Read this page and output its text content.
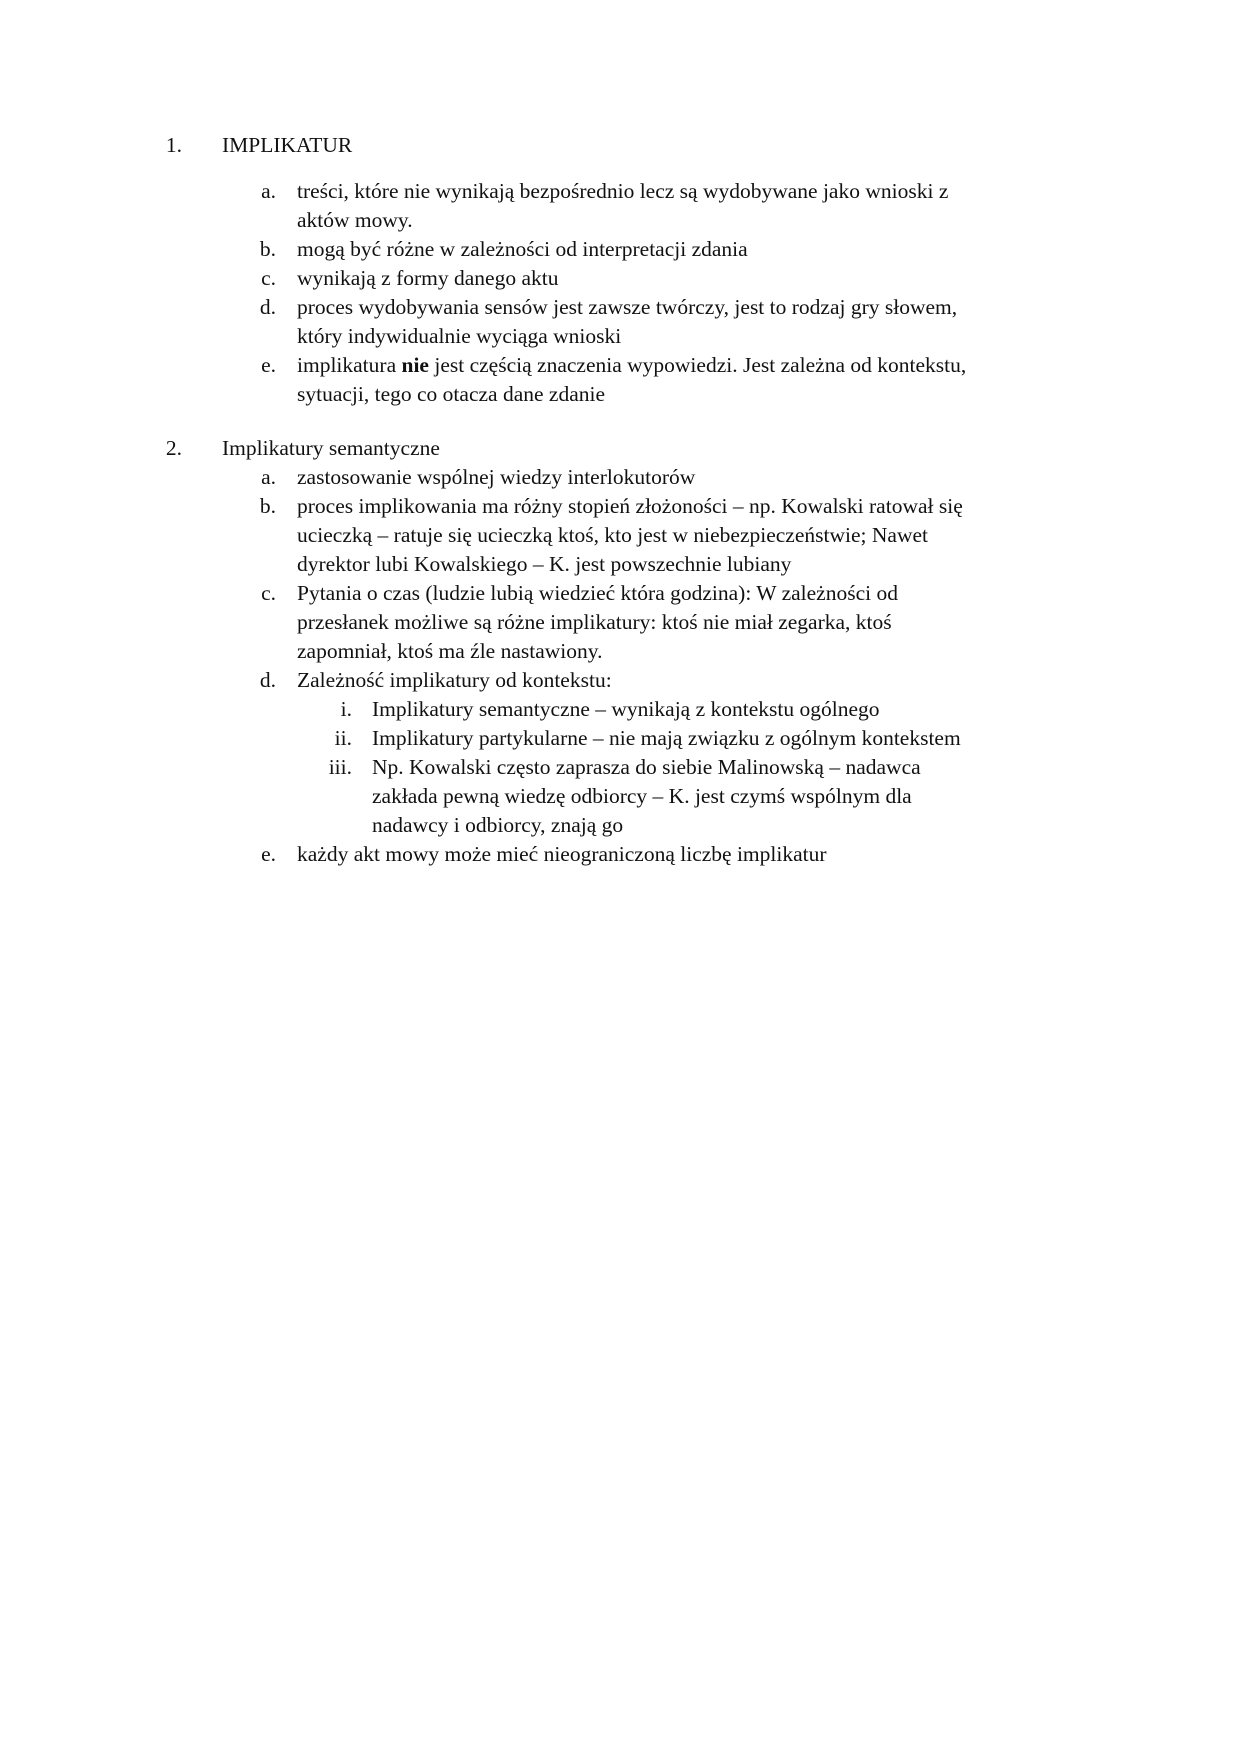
1. IMPLIKATUR
a. treści, które nie wynikają bezpośrednio lecz są wydobywane jako wnioski z
aktów mowy.
b. mogą być różne w zależności od interpretacji zdania
c. wynikają z formy danego aktu
d. proces wydobywania sensów jest zawsze twórczy, jest to rodzaj gry słowem,
który indywidualnie wyciąga wnioski
e. implikatura nie jest częścią znaczenia wypowiedzi. Jest zależna od kontekstu,
sytuacji, tego co otacza dane zdanie
2. Implikatury semantyczne
a. zastosowanie wspólnej wiedzy interlokutorów
b. proces implikowania ma różny stopień złożoności – np. Kowalski ratował się
ucieczką – ratuje się ucieczką ktoś, kto jest w niebezpieczeństwie; Nawet
dyrektor lubi Kowalskiego – K. jest powszechnie lubiany
c. Pytania o czas (ludzie lubią wiedzieć która godzina): W zależności od
przesłanek możliwe są różne implikatury: ktoś nie miał zegarka, ktoś
zapomniał, ktoś ma źle nastawiony.
d. Zależność implikatury od kontekstu:
i. Implikatury semantyczne – wynikają z kontekstu ogólnego
ii. Implikatury partykularne – nie mają związku z ogólnym kontekstem
iii. Np. Kowalski często zaprasza do siebie Malinowską – nadawca
zakłada pewną wiedzę odbiorcy – K. jest czymś wspólnym dla
nadawcy i odbiorcy, znają go
e. każdy akt mowy może mieć nieograniczoną liczbę implikatur
